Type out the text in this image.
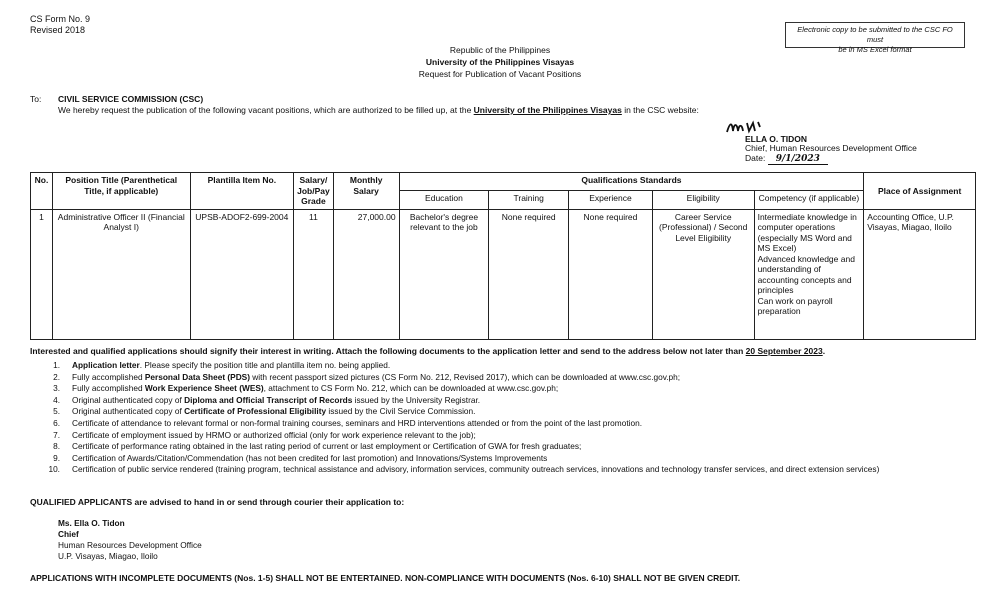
CS Form No. 9
Revised 2018	Electronic copy to be submitted to the CSC FO must
be in MS Excel format
Republic of the Philippines
University of the Philippines Visayas
Request for Publication of Vacant Positions
To: CIVIL SERVICE COMMISSION (CSC)
We hereby request the publication of the following vacant positions, which are authorized to be filled up, at the University of the Philippines Visayas in the CSC website:
ELLA O. TIDON
Chief, Human Resources Development Office
Date: 9/1/2023
No.	Position Title (Parenthetical Title, if applicable)	Plantilla Item No.	Salary/ Job/Pay Grade	Monthly Salary	Qualifications Standards					Place of Assignment
					Education	Training	Experience	Eligibility	Competency (if applicable)	
1	Administrative Officer II (Financial Analyst I)	UPSB-ADOF2-699-2004	11	27,000.00	Bachelor's degree relevant to the job	None required	None required	Career Service (Professional) / Second Level Eligibility	Intermediate knowledge in computer operations (especially MS Word and MS Excel)
Advanced knowledge and understanding of accounting concepts and principles
Can work on payroll preparation	Accounting Office, U.P. Visayas, Miagao, Iloilo
Interested and qualified applications should signify their interest in writing. Attach the following documents to the application letter and send to the address below not later than 20 September 2023.
1.	Application letter. Please specify the position title and plantilla item no. being applied.
2.	Fully accomplished Personal Data Sheet (PDS) with recent passport sized pictures (CS Form No. 212, Revised 2017), which can be downloaded at www.csc.gov.ph;
3.	Fully accomplished Work Experience Sheet (WES), attachment to CS Form No. 212, which can be downloaded at www.csc.gov.ph;
4.	Original authenticated copy of Diploma and Official Transcript of Records issued by the University Registrar.
5.	Original authenticated copy of Certificate of Professional Eligibility issued by the Civil Service Commission.
6.	Certificate of attendance to relevant formal or non-formal training courses, seminars and HRD interventions attended or from the point of the last promotion.
7.	Certificate of employment issued by HRMO or authorized official (only for work experience relevant to the job);
8.	Certificate of performance rating obtained in the last rating period of current or last employment or Certification of GWA for fresh graduates;
9.	Certification of Awards/Citation/Commendation (has not been credited for last promotion) and Innovations/Systems Improvements
10.	Certification of public service rendered (training program, technical assistance and advisory, information services, community outreach services, innovations and technology transfer services, and direct extension services)
QUALIFIED APPLICANTS are advised to hand in or send through courier their application to:
Ms. Ella O. Tidon
Chief
Human Resources Development Office
U.P. Visayas, Miagao, Iloilo
APPLICATIONS WITH INCOMPLETE DOCUMENTS (Nos. 1-5) SHALL NOT BE ENTERTAINED. NON-COMPLIANCE WITH DOCUMENTS (Nos. 6-10) SHALL NOT BE GIVEN CREDIT.
